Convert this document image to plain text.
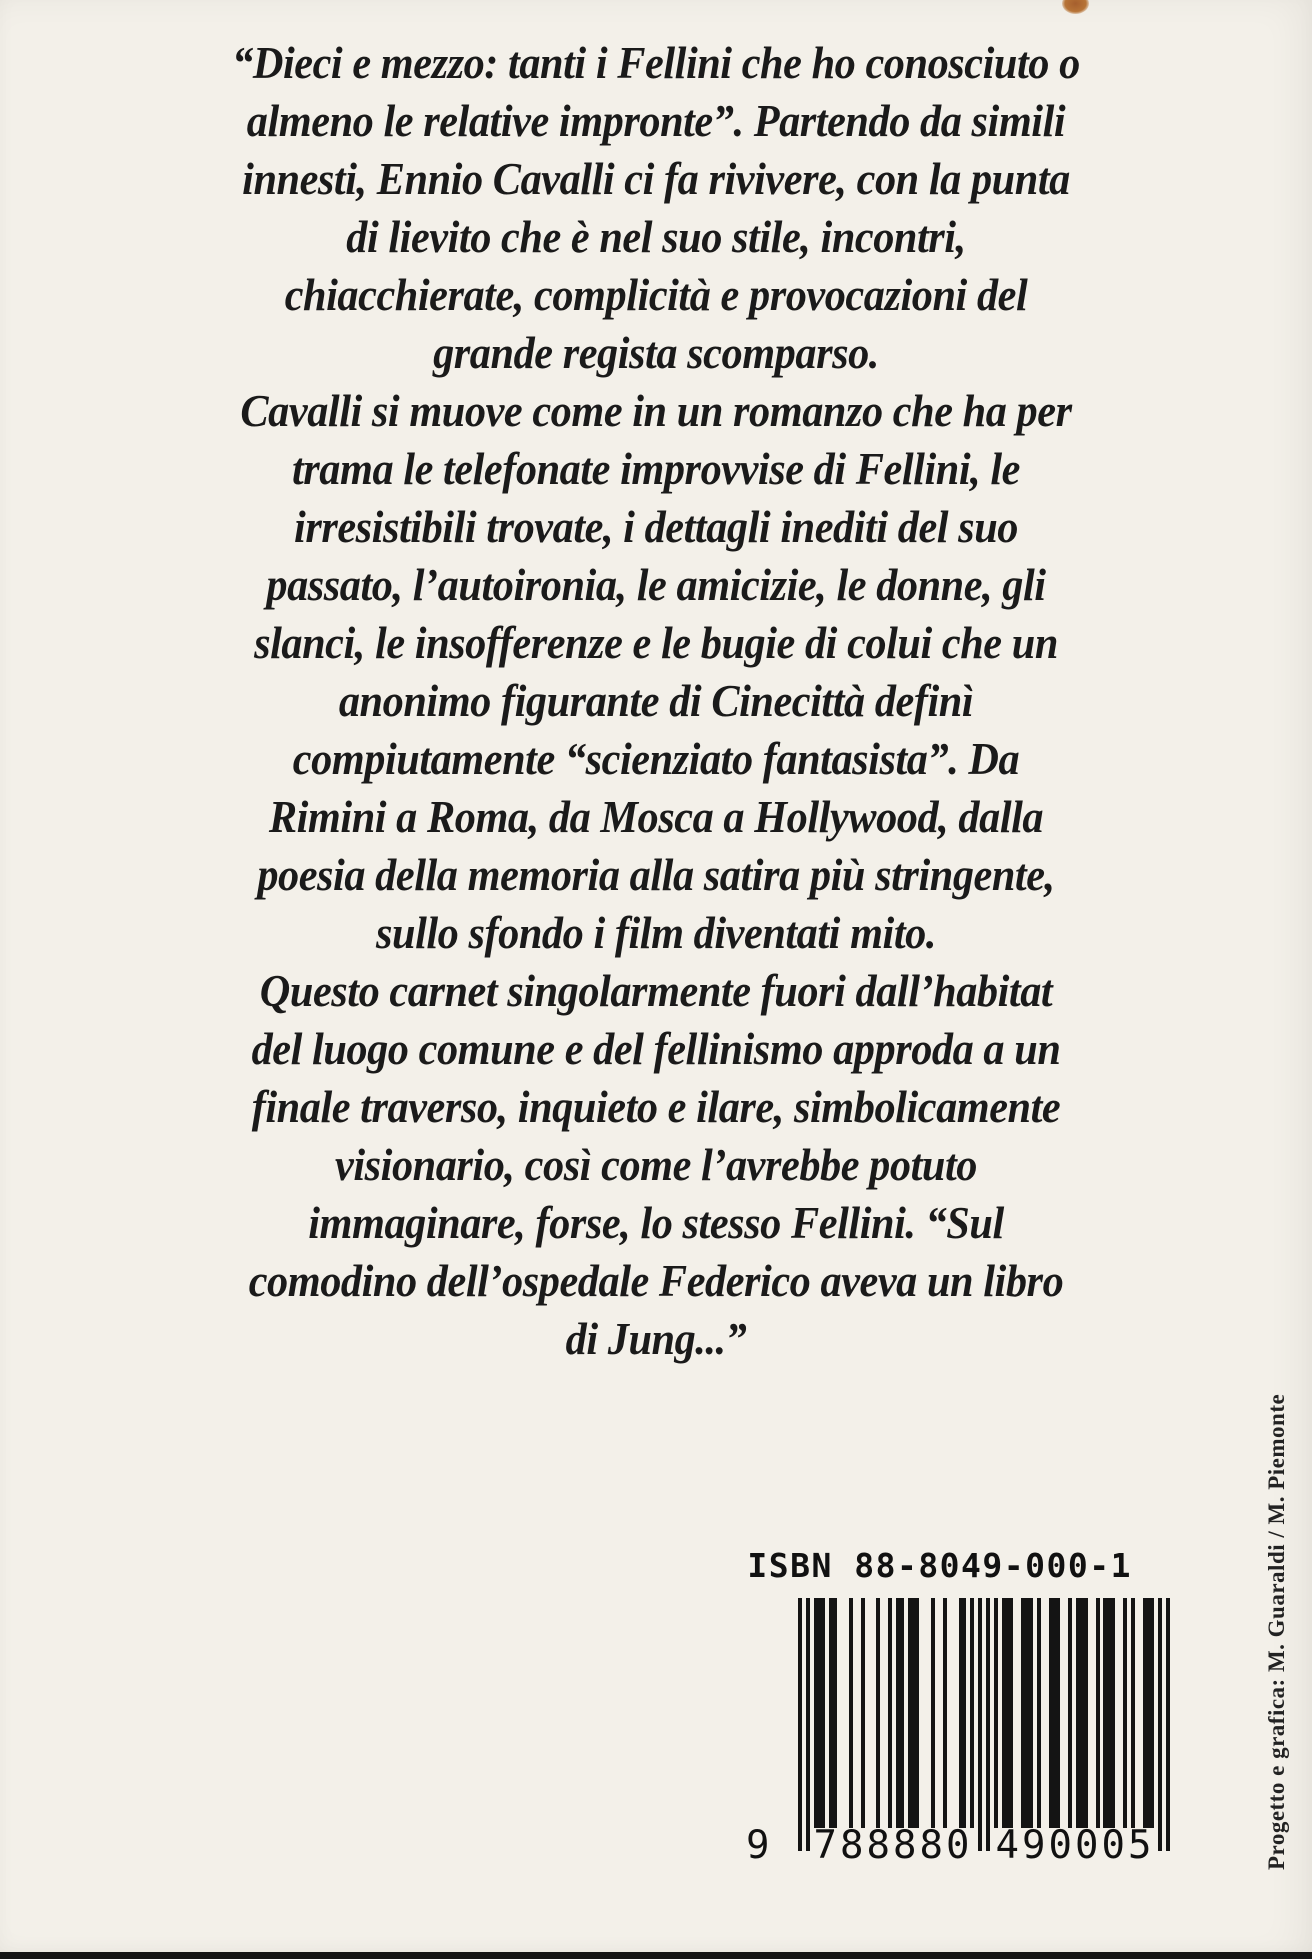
“Dieci e mezzo: tanti i Fellini che ho conosciuto o
almeno le relative impronte”. Partendo da simili
innesti, Ennio Cavalli ci fa rivivere, con la punta
di lievito che è nel suo stile, incontri,
chiacchierate, complicità e provocazioni del
grande regista scomparso.
Cavalli si muove come in un romanzo che ha per
trama le telefonate improvvise di Fellini, le
irresistibili trovate, i dettagli inediti del suo
passato, l’autoironia, le amicizie, le donne, gli
slanci, le insofferenze e le bugie di colui che un
anonimo figurante di Cinecittà definì
compiutamente “scienziato fantasista”. Da
Rimini a Roma, da Mosca a Hollywood, dalla
poesia della memoria alla satira più stringente,
sullo sfondo i film diventati mito.
Questo carnet singolarmente fuori dall’habitat
del luogo comune e del fellinismo approda a un
finale traverso, inquieto e ilare, simbolicamente
visionario, così come l’avrebbe potuto
immaginare, forse, lo stesso Fellini. “Sul
comodino dell’ospedale Federico aveva un libro
di Jung...”
ISBN 88-8049-000-1
9 788880 490005	Progetto e grafica: M. Guaraldi / M. Piemonte
